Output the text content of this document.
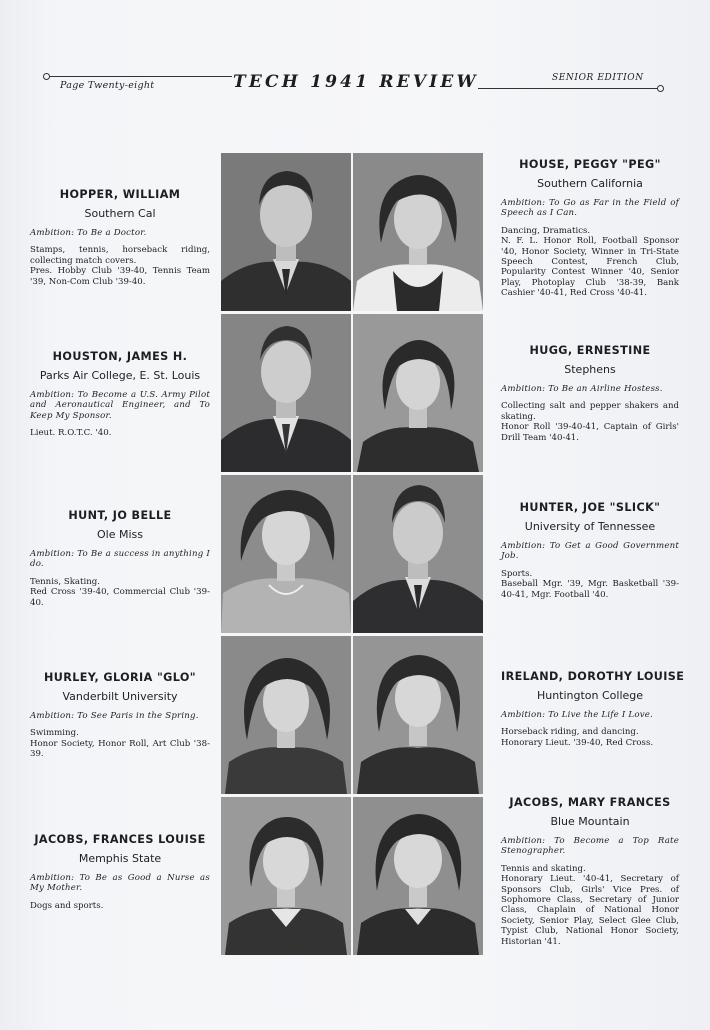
Page Twenty-eight	TECH 1941 REVIEW	SENIOR EDITION
HOPPER, WILLIAM
Southern Cal
Ambition: To Be a Doctor.
Stamps, tennis, horseback riding, collecting match covers.
Pres. Hobby Club '39-40, Tennis Team '39, Non-Com Club '39-40.
HOUSTON, JAMES H.
Parks Air College, E. St. Louis
Ambition: To Become a U.S. Army Pilot and Aeronautical Engineer, and To Keep My Sponsor.
Lieut. R.O.T.C. '40.
HUNT, JO BELLE
Ole Miss
Ambition: To Be a success in anything I do.
Tennis, Skating.
Red Cross '39-40, Commercial Club '39-40.
HURLEY, GLORIA "GLO"
Vanderbilt University
Ambition: To See Paris in the Spring.
Swimming.
Honor Society, Honor Roll, Art Club '38-39.
JACOBS, FRANCES LOUISE
Memphis State
Ambition: To Be as Good a Nurse as My Mother.
Dogs and sports.
HOUSE, PEGGY "PEG"
Southern California
Ambition: To Go as Far in the Field of Speech as I Can.
Dancing, Dramatics.
N. F. L. Honor Roll, Football Sponsor '40, Honor Society, Winner in Tri-State Speech Contest, French Club, Popularity Contest Winner '40, Senior Play, Photoplay Club '38-39, Bank Cashier '40-41, Red Cross '40-41.
HUGG, ERNESTINE
Stephens
Ambition: To Be an Airline Hostess.
Collecting salt and pepper shakers and skating.
Honor Roll '39-40-41, Captain of Girls' Drill Team '40-41.
HUNTER, JOE "SLICK"
University of Tennessee
Ambition: To Get a Good Government Job.
Sports.
Baseball Mgr. '39, Mgr. Basketball '39-40-41, Mgr. Football '40.
IRELAND, DOROTHY LOUISE
Huntington College
Ambition: To Live the Life I Love.
Horseback riding, and dancing.
Honorary Lieut. '39-40, Red Cross.
JACOBS, MARY FRANCES
Blue Mountain
Ambition: To Become a Top Rate Stenographer.
Tennis and skating.
Honorary Lieut. '40-41, Secretary of Sponsors Club, Girls' Vice Pres. of Sophomore Class, Secretary of Junior Class, Chaplain of National Honor Society, Senior Play, Select Glee Club, Typist Club, National Honor Society, Historian '41.
